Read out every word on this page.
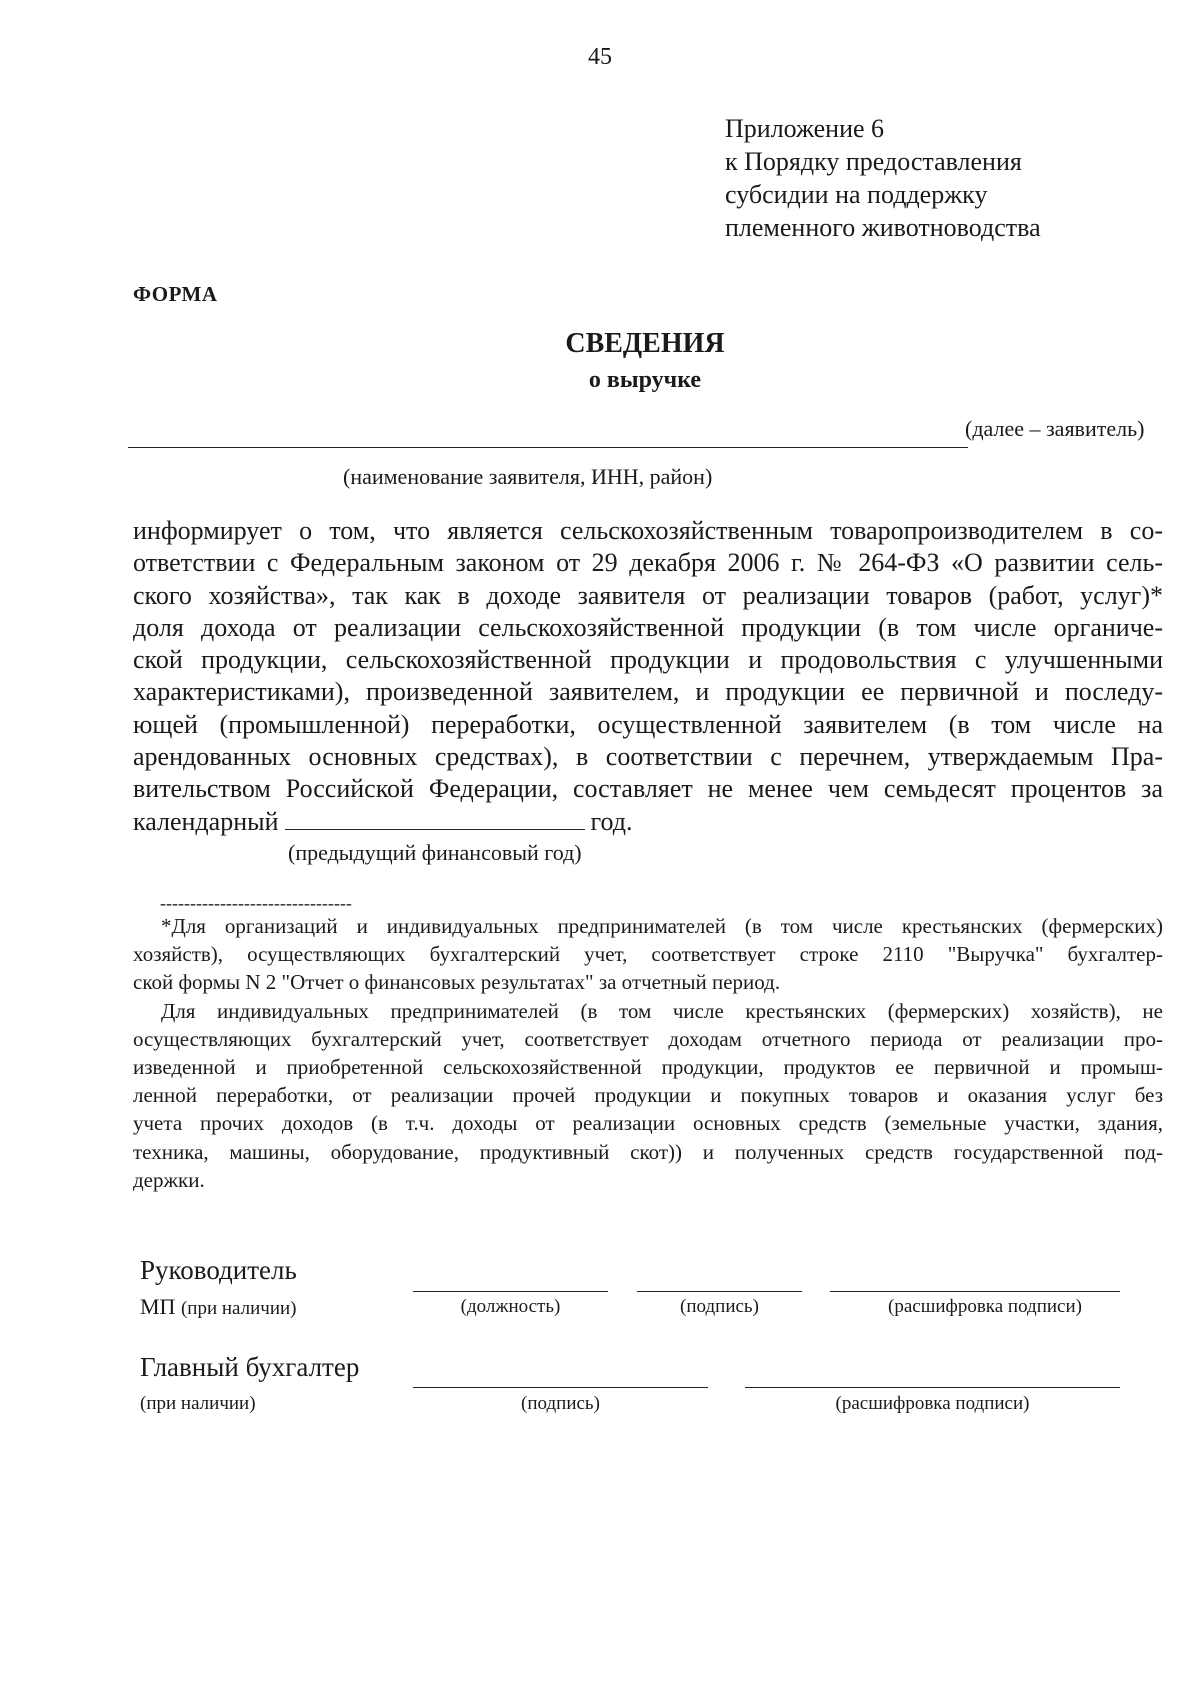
45
Приложение 6
к Порядку предоставления
субсидии на поддержку
племенного животноводства
ФОРМА
СВЕДЕНИЯ
о выручке
(далее – заявитель)
(наименование заявителя, ИНН, район)
информирует о том, что является сельскохозяйственным товаропроизводителем в со-
ответствии с Федеральным законом от 29 декабря 2006 г. № 264-ФЗ «О развитии сель-
ского хозяйства», так как в доходе заявителя от реализации товаров (работ, услуг)*
доля дохода от реализации сельскохозяйственной продукции (в том числе органиче-
ской продукции, сельскохозяйственной продукции и продовольствия с улучшенными
характеристиками), произведенной заявителем, и продукции ее первичной и последу-
ющей (промышленной) переработки, осуществленной заявителем (в том числе на
арендованных основных средствах), в соответствии с перечнем, утверждаемым Пра-
вительством Российской Федерации, составляет не менее чем семьдесят процентов за
календарный	год.
(предыдущий финансовый год)
--------------------------------
*Для организаций и индивидуальных предпринимателей (в том числе крестьянских (фермерских)
хозяйств), осуществляющих бухгалтерский учет, соответствует строке 2110 "Выручка" бухгалтер-
ской формы N 2 "Отчет о финансовых результатах" за отчетный период.
Для индивидуальных предпринимателей (в том числе крестьянских (фермерских) хозяйств), не
осуществляющих бухгалтерский учет, соответствует доходам отчетного периода от реализации про-
изведенной и приобретенной сельскохозяйственной продукции, продуктов ее первичной и промыш-
ленной переработки, от реализации прочей продукции и покупных товаров и оказания услуг без
учета прочих доходов (в т.ч. доходы от реализации основных средств (земельные участки, здания,
техника, машины, оборудование, продуктивный скот)) и полученных средств государственной под-
держки.
Руководитель
МП (при наличии)	(должность)	(подпись)	(расшифровка подписи)
Главный бухгалтер
(при наличии)	(подпись)	(расшифровка подписи)
